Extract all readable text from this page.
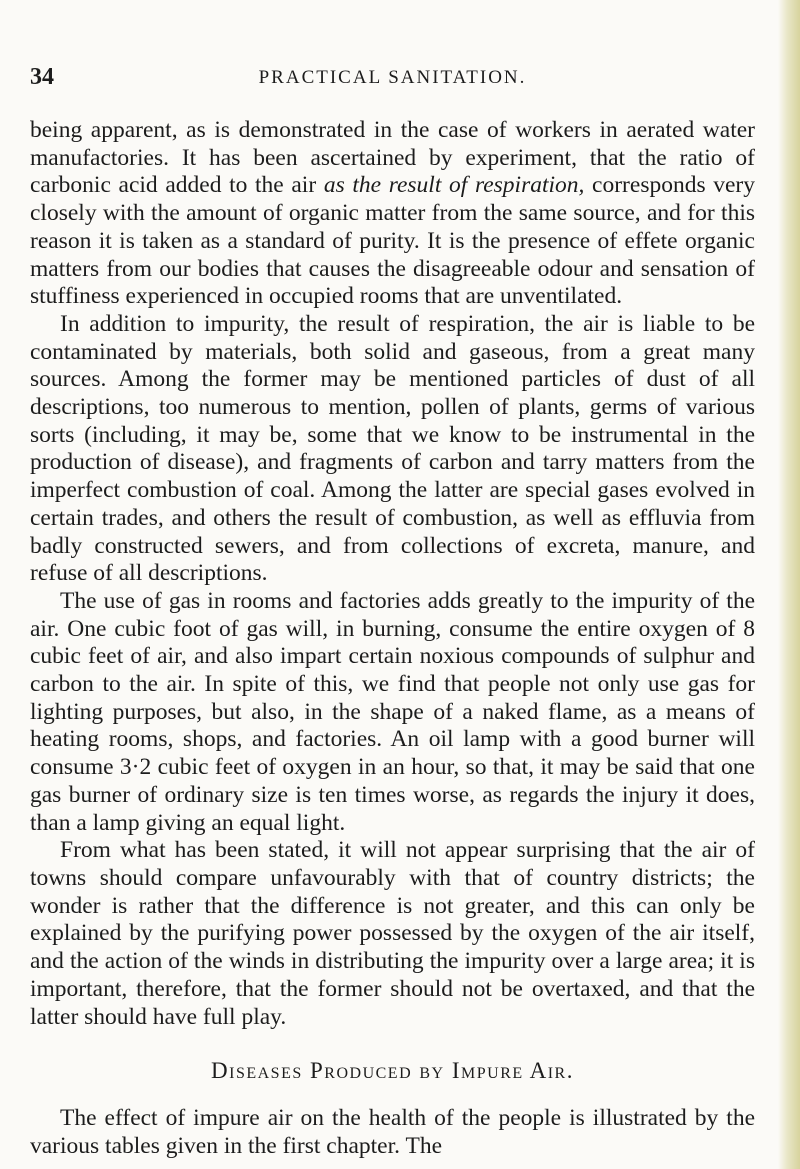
34	PRACTICAL SANITATION.

being apparent, as is demonstrated in the case of workers in aerated water manufactories. It has been ascertained by experiment, that the ratio of carbonic acid added to the air as the result of respiration, corresponds very closely with the amount of organic matter from the same source, and for this reason it is taken as a standard of purity. It is the presence of effete organic matters from our bodies that causes the disagreeable odour and sensation of stuffiness experienced in occupied rooms that are unventilated.

In addition to impurity, the result of respiration, the air is liable to be contaminated by materials, both solid and gaseous, from a great many sources. Among the former may be mentioned particles of dust of all descriptions, too numerous to mention, pollen of plants, germs of various sorts (including, it may be, some that we know to be instrumental in the production of disease), and fragments of carbon and tarry matters from the imperfect combustion of coal. Among the latter are special gases evolved in certain trades, and others the result of combustion, as well as effluvia from badly constructed sewers, and from collections of excreta, manure, and refuse of all descriptions.

The use of gas in rooms and factories adds greatly to the impurity of the air. One cubic foot of gas will, in burning, consume the entire oxygen of 8 cubic feet of air, and also impart certain noxious compounds of sulphur and carbon to the air. In spite of this, we find that people not only use gas for lighting purposes, but also, in the shape of a naked flame, as a means of heating rooms, shops, and factories. An oil lamp with a good burner will consume 3·2 cubic feet of oxygen in an hour, so that, it may be said that one gas burner of ordinary size is ten times worse, as regards the injury it does, than a lamp giving an equal light.

From what has been stated, it will not appear surprising that the air of towns should compare unfavourably with that of country districts; the wonder is rather that the difference is not greater, and this can only be explained by the purifying power possessed by the oxygen of the air itself, and the action of the winds in distributing the impurity over a large area; it is important, therefore, that the former should not be overtaxed, and that the latter should have full play.

Diseases Produced by Impure Air.

The effect of impure air on the health of the people is illustrated by the various tables given in the first chapter. The
